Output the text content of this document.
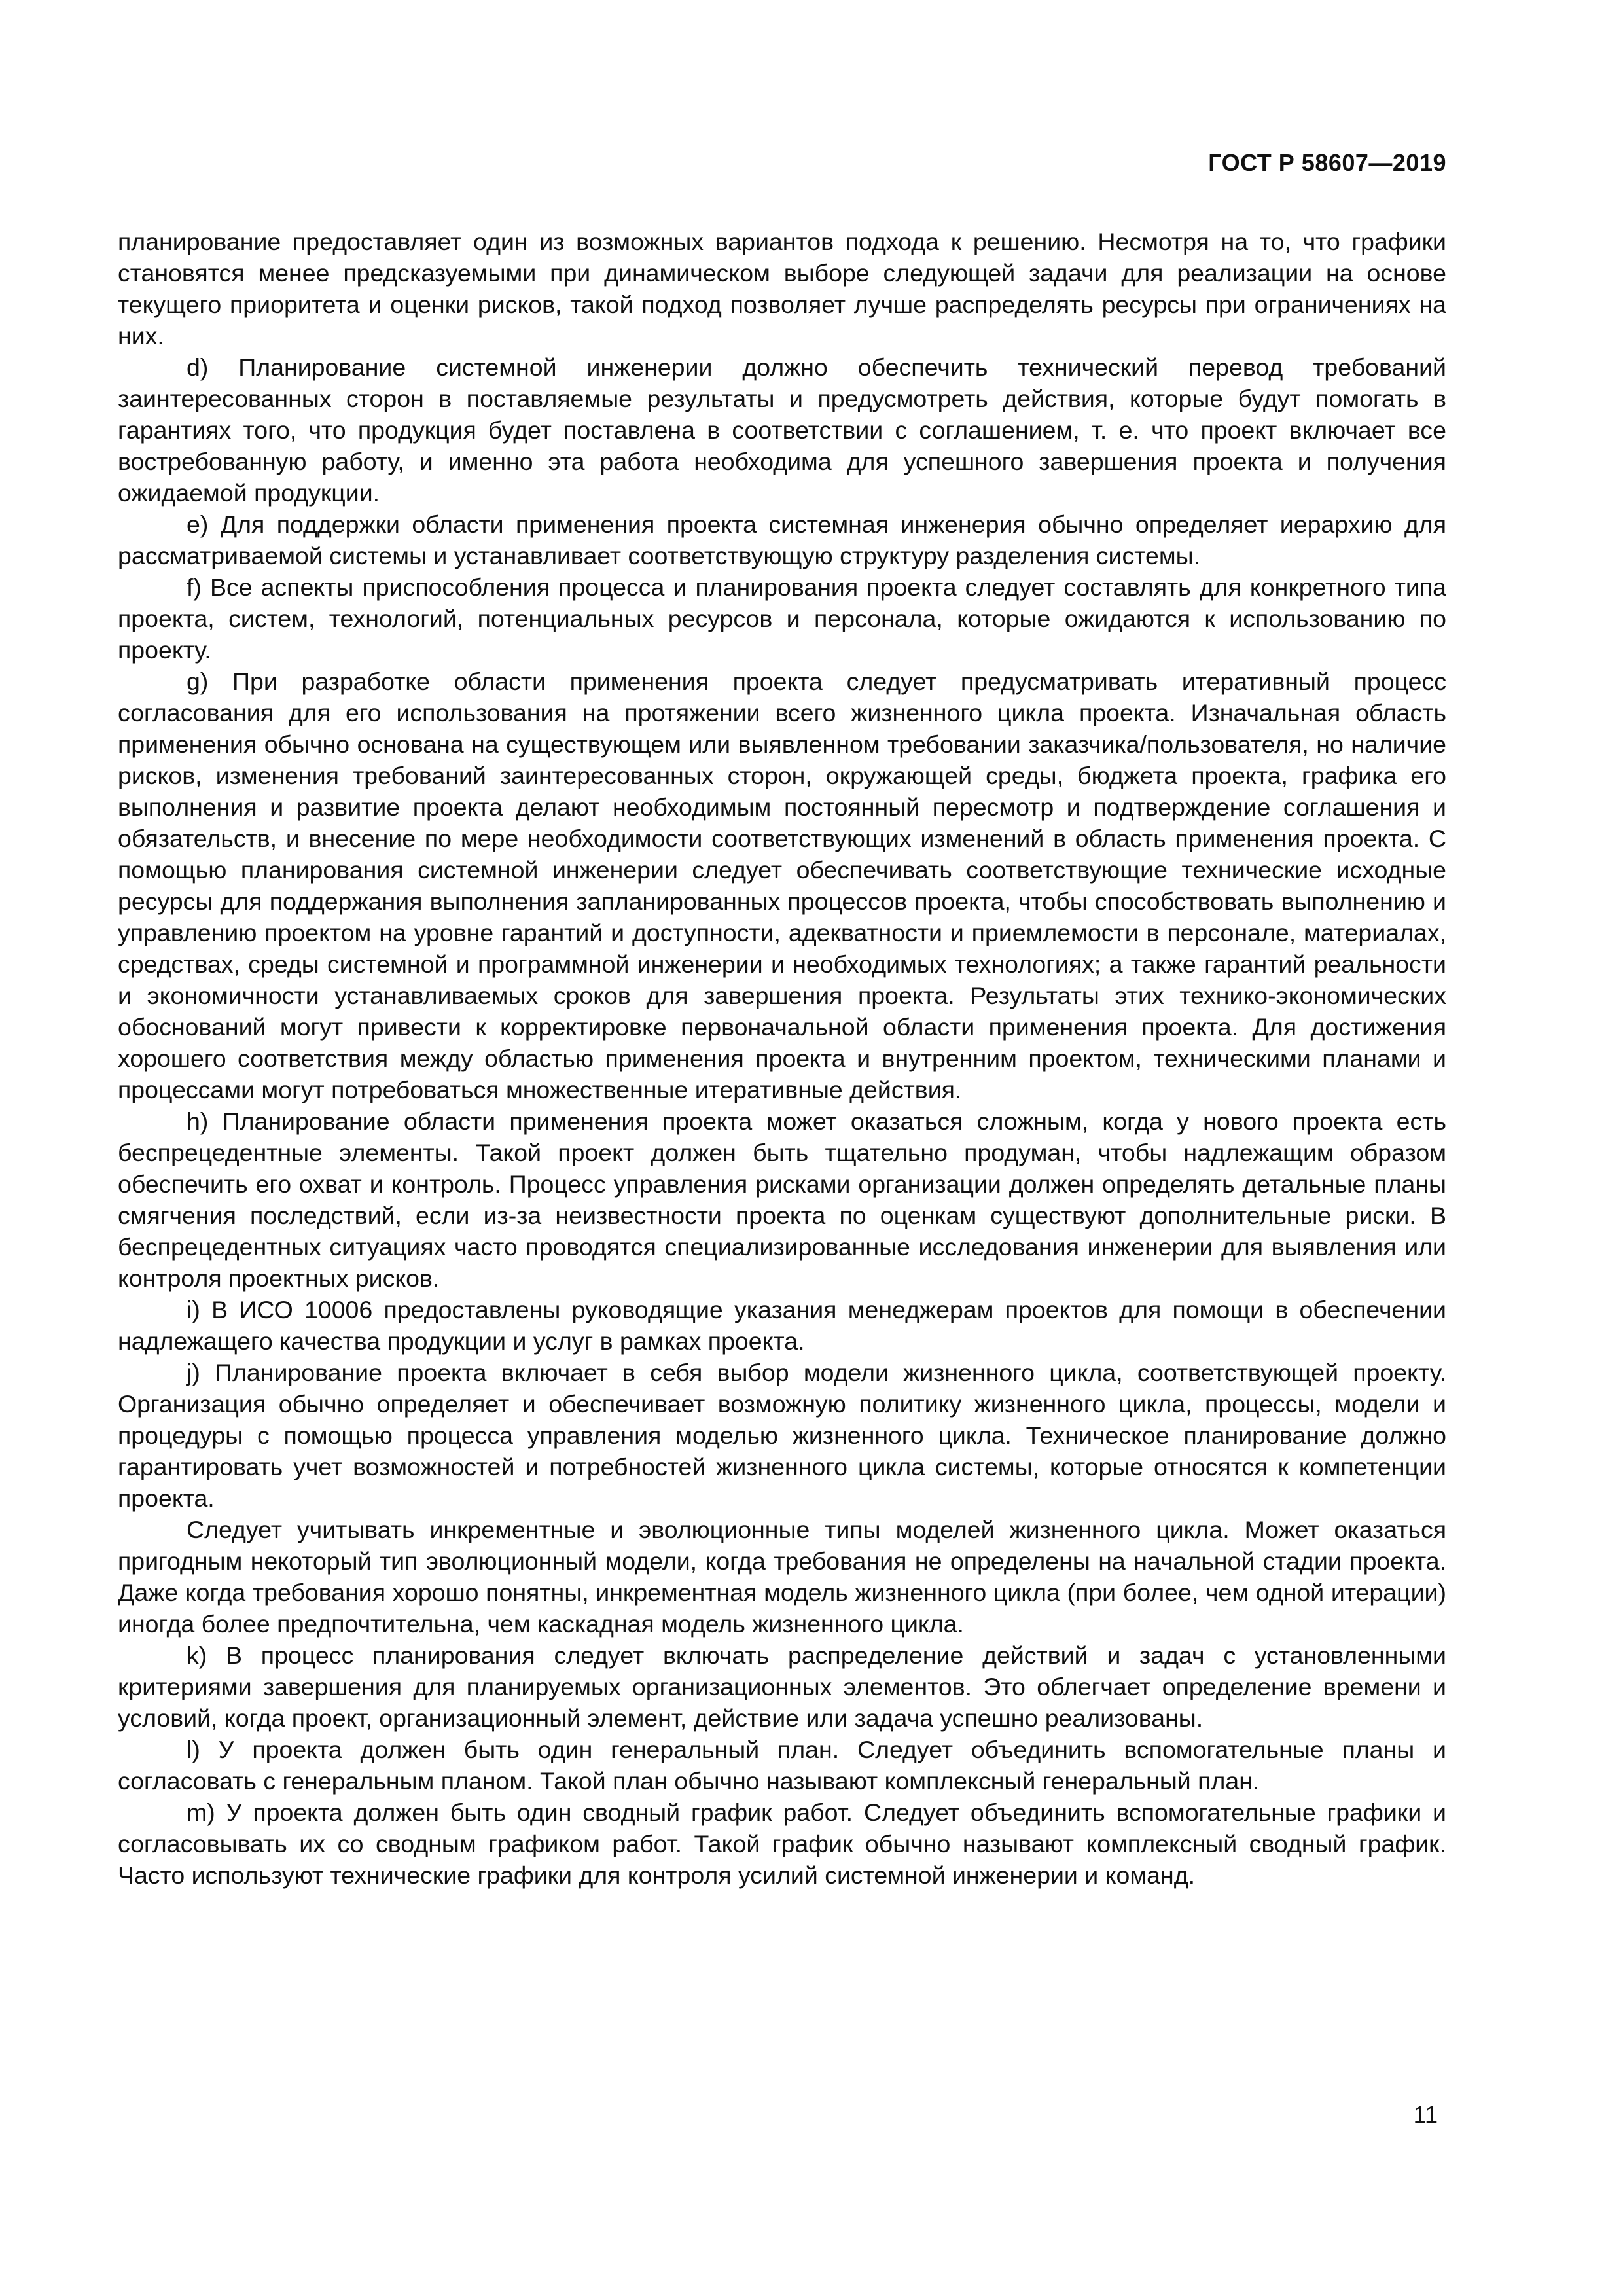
ГОСТ Р 58607—2019

планирование предоставляет один из возможных вариантов подхода к решению. Несмотря на то, что графики становятся менее предсказуемыми при динамическом выборе следующей задачи для реализации на основе текущего приоритета и оценки рисков, такой подход позволяет лучше распределять ресурсы при ограничениях на них.

d) Планирование системной инженерии должно обеспечить технический перевод требований заинтересованных сторон в поставляемые результаты и предусмотреть действия, которые будут помогать в гарантиях того, что продукция будет поставлена в соответствии с соглашением, т. е. что проект включает все востребованную работу, и именно эта работа необходима для успешного завершения проекта и получения ожидаемой продукции.

e) Для поддержки области применения проекта системная инженерия обычно определяет иерархию для рассматриваемой системы и устанавливает соответствующую структуру разделения системы.

f) Все аспекты приспособления процесса и планирования проекта следует составлять для конкретного типа проекта, систем, технологий, потенциальных ресурсов и персонала, которые ожидаются к использованию по проекту.

g) При разработке области применения проекта следует предусматривать итеративный процесс согласования для его использования на протяжении всего жизненного цикла проекта. Изначальная область применения обычно основана на существующем или выявленном требовании заказчика/пользователя, но наличие рисков, изменения требований заинтересованных сторон, окружающей среды, бюджета проекта, графика его выполнения и развитие проекта делают необходимым постоянный пересмотр и подтверждение соглашения и обязательств, и внесение по мере необходимости соответствующих изменений в область применения проекта. С помощью планирования системной инженерии следует обеспечивать соответствующие технические исходные ресурсы для поддержания выполнения запланированных процессов проекта, чтобы способствовать выполнению и управлению проектом на уровне гарантий и доступности, адекватности и приемлемости в персонале, материалах, средствах, среды системной и программной инженерии и необходимых технологиях; а также гарантий реальности и экономичности устанавливаемых сроков для завершения проекта. Результаты этих технико-экономических обоснований могут привести к корректировке первоначальной области применения проекта. Для достижения хорошего соответствия между областью применения проекта и внутренним проектом, техническими планами и процессами могут потребоваться множественные итеративные действия.

h) Планирование области применения проекта может оказаться сложным, когда у нового проекта есть беспрецедентные элементы. Такой проект должен быть тщательно продуман, чтобы надлежащим образом обеспечить его охват и контроль. Процесс управления рисками организации должен определять детальные планы смягчения последствий, если из-за неизвестности проекта по оценкам существуют дополнительные риски. В беспрецедентных ситуациях часто проводятся специализированные исследования инженерии для выявления или контроля проектных рисков.

i) В ИСО 10006 предоставлены руководящие указания менеджерам проектов для помощи в обеспечении надлежащего качества продукции и услуг в рамках проекта.

j) Планирование проекта включает в себя выбор модели жизненного цикла, соответствующей проекту. Организация обычно определяет и обеспечивает возможную политику жизненного цикла, процессы, модели и процедуры с помощью процесса управления моделью жизненного цикла. Техническое планирование должно гарантировать учет возможностей и потребностей жизненного цикла системы, которые относятся к компетенции проекта.

Следует учитывать инкрементные и эволюционные типы моделей жизненного цикла. Может оказаться пригодным некоторый тип эволюционный модели, когда требования не определены на начальной стадии проекта. Даже когда требования хорошо понятны, инкрементная модель жизненного цикла (при более, чем одной итерации) иногда более предпочтительна, чем каскадная модель жизненного цикла.

k) В процесс планирования следует включать распределение действий и задач с установленными критериями завершения для планируемых организационных элементов. Это облегчает определение времени и условий, когда проект, организационный элемент, действие или задача успешно реализованы.

l) У проекта должен быть один генеральный план. Следует объединить вспомогательные планы и согласовать с генеральным планом. Такой план обычно называют комплексный генеральный план.

m) У проекта должен быть один сводный график работ. Следует объединить вспомогательные графики и согласовывать их со сводным графиком работ. Такой график обычно называют комплексный сводный график. Часто используют технические графики для контроля усилий системной инженерии и команд.

11
